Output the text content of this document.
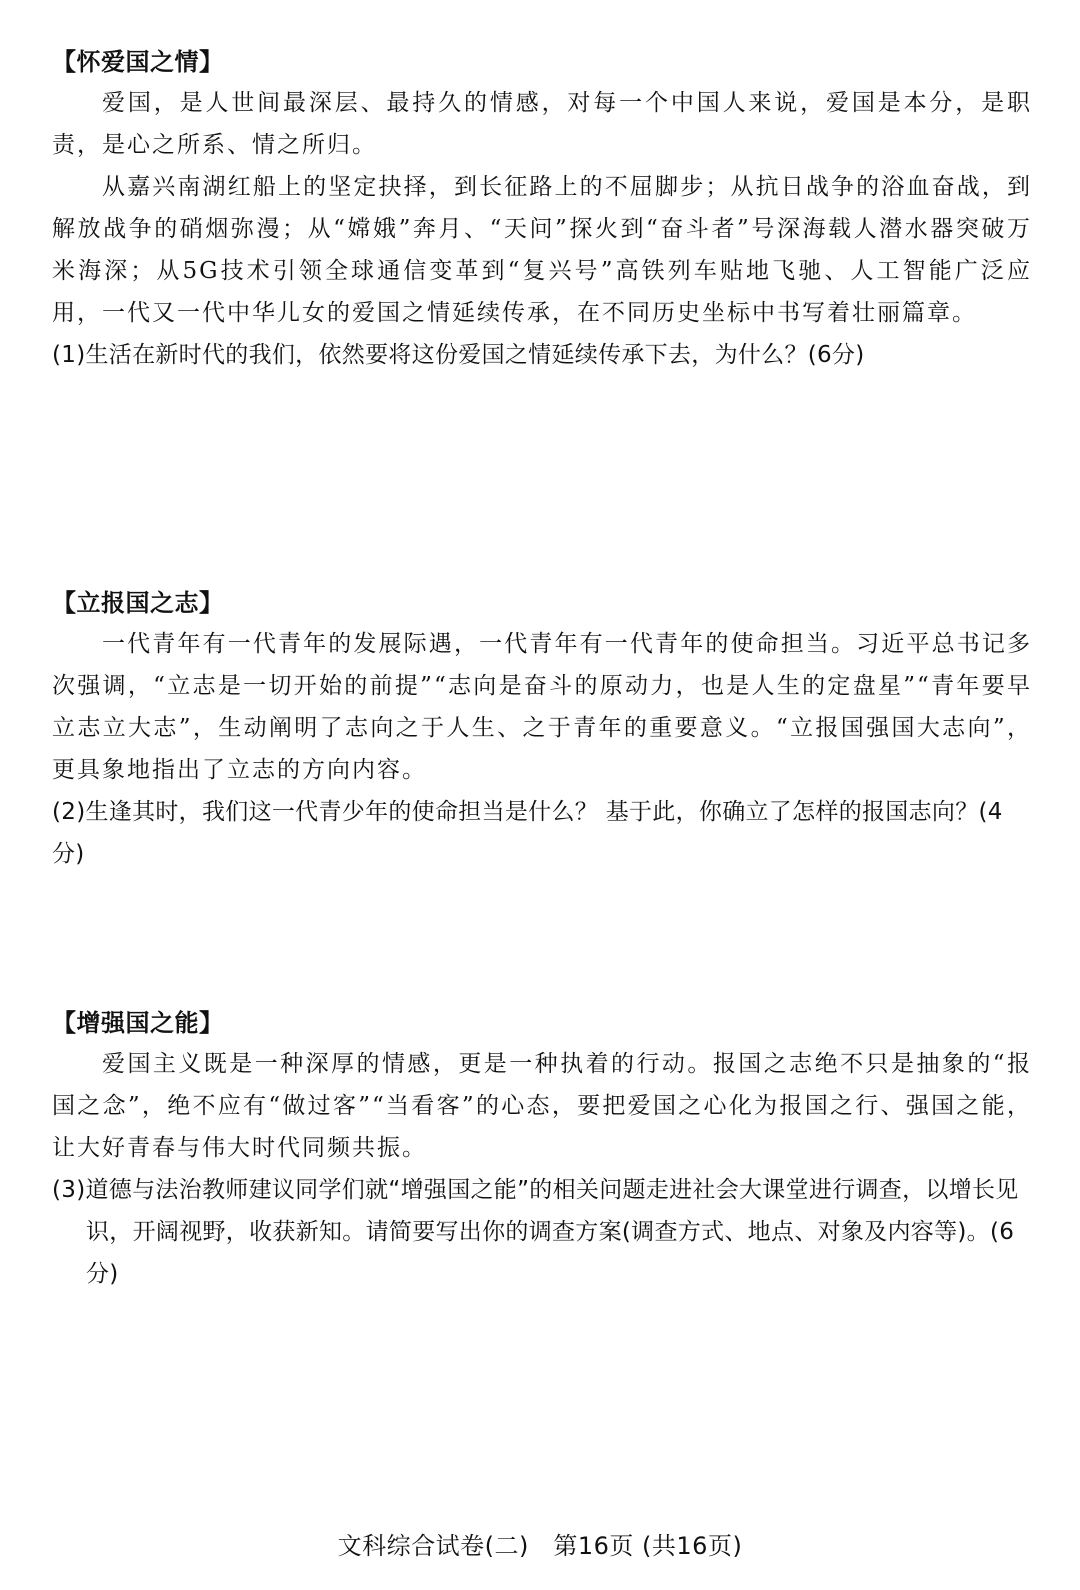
【怀爱国之情】

爱国，是人世间最深层、最持久的情感，对每一个中国人来说，爱国是本分，是职责，是心之所系、情之所归。

从嘉兴南湖红船上的坚定抉择，到长征路上的不屈脚步；从抗日战争的浴血奋战，到解放战争的硝烟弥漫；从“嫦娥”奔月、“天问”探火到“奋斗者”号深海载人潜水器突破万米海深；从5G技术引领全球通信变革到“复兴号”高铁列车贴地飞驰、人工智能广泛应用，一代又一代中华儿女的爱国之情延续传承，在不同历史坐标中书写着壮丽篇章。

(1)生活在新时代的我们，依然要将这份爱国之情延续传承下去，为什么？(6分)

【立报国之志】

一代青年有一代青年的发展际遇，一代青年有一代青年的使命担当。习近平总书记多次强调，“立志是一切开始的前提”“志向是奋斗的原动力，也是人生的定盘星”“青年要早立志立大志”，生动阐明了志向之于人生、之于青年的重要意义。“立报国强国大志向”，更具象地指出了立志的方向内容。

(2)生逢其时，我们这一代青少年的使命担当是什么？ 基于此，你确立了怎样的报国志向？(4分)

【增强国之能】

爱国主义既是一种深厚的情感，更是一种执着的行动。报国之志绝不只是抽象的“报国之念”，绝不应有“做过客”“当看客”的心态，要把爱国之心化为报国之行、强国之能，让大好青春与伟大时代同频共振。

(3)道德与法治教师建议同学们就“增强国之能”的相关问题走进社会大课堂进行调查，以增长见识，开阔视野，收获新知。请简要写出你的调查方案(调查方式、地点、对象及内容等)。(6分)

文科综合试卷(二)　第16页 (共16页)
